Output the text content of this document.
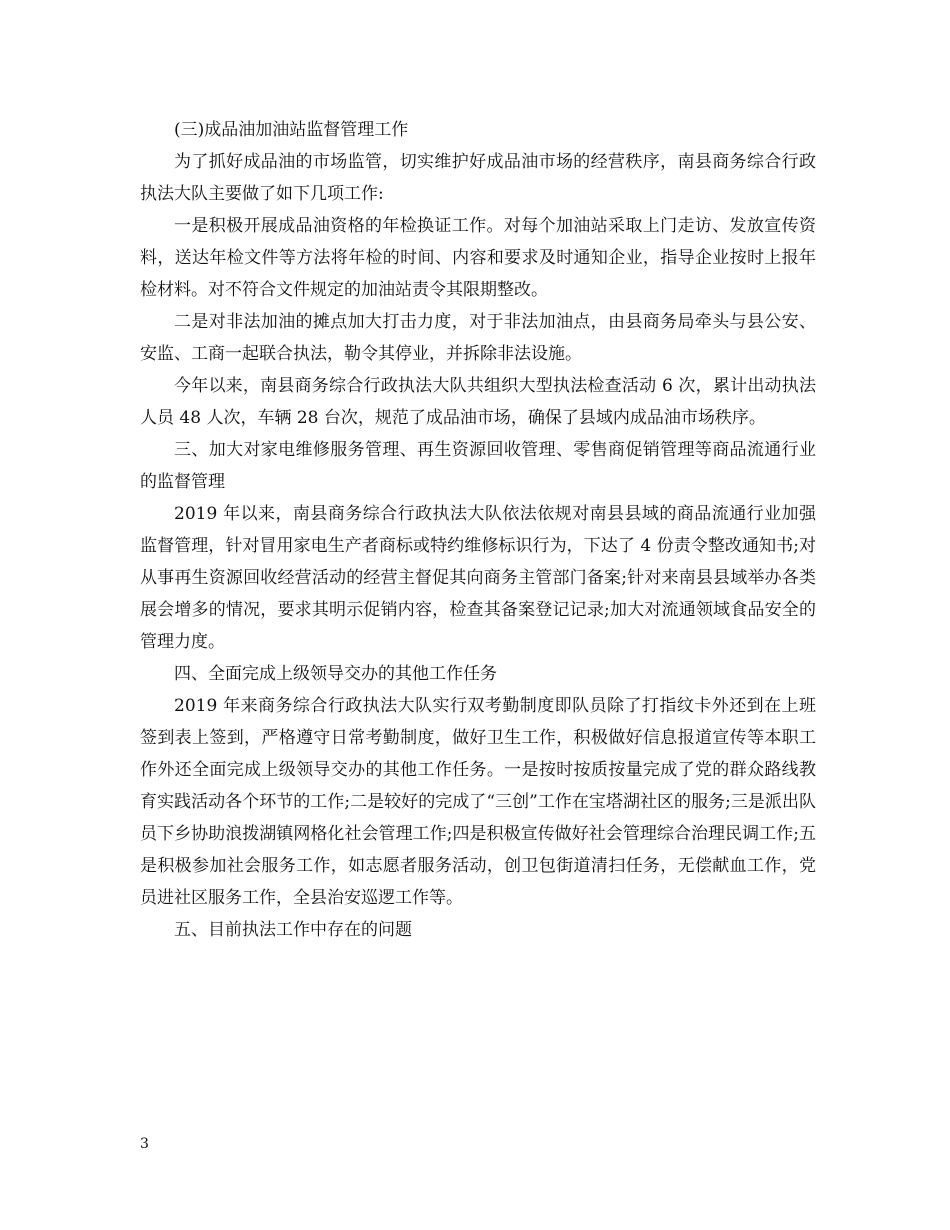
(三)成品油加油站监督管理工作

为了抓好成品油的市场监管，切实维护好成品油市场的经营秩序，南县商务综合行政执法大队主要做了如下几项工作:

一是积极开展成品油资格的年检换证工作。对每个加油站采取上门走访、发放宣传资料，送达年检文件等方法将年检的时间、内容和要求及时通知企业，指导企业按时上报年检材料。对不符合文件规定的加油站责令其限期整改。

二是对非法加油的摊点加大打击力度，对于非法加油点，由县商务局牵头与县公安、安监、工商一起联合执法，勒令其停业，并拆除非法设施。

今年以来，南县商务综合行政执法大队共组织大型执法检查活动 6 次，累计出动执法人员 48 人次，车辆 28 台次，规范了成品油市场，确保了县域内成品油市场秩序。

三、加大对家电维修服务管理、再生资源回收管理、零售商促销管理等商品流通行业的监督管理

2019 年以来，南县商务综合行政执法大队依法依规对南县县域的商品流通行业加强监督管理，针对冒用家电生产者商标或特约维修标识行为，下达了 4 份责令整改通知书;对从事再生资源回收经营活动的经营主督促其向商务主管部门备案;针对来南县县域举办各类展会增多的情况，要求其明示促销内容，检查其备案登记记录;加大对流通领域食品安全的管理力度。

四、全面完成上级领导交办的其他工作任务

2019 年来商务综合行政执法大队实行双考勤制度即队员除了打指纹卡外还到在上班签到表上签到，严格遵守日常考勤制度，做好卫生工作，积极做好信息报道宣传等本职工作外还全面完成上级领导交办的其他工作任务。一是按时按质按量完成了党的群众路线教育实践活动各个环节的工作;二是较好的完成了“三创”工作在宝塔湖社区的服务;三是派出队员下乡协助浪拨湖镇网格化社会管理工作;四是积极宣传做好社会管理综合治理民调工作;五是积极参加社会服务工作，如志愿者服务活动，创卫包街道清扫任务，无偿献血工作，党员进社区服务工作，全县治安巡逻工作等。

五、目前执法工作中存在的问题

3
